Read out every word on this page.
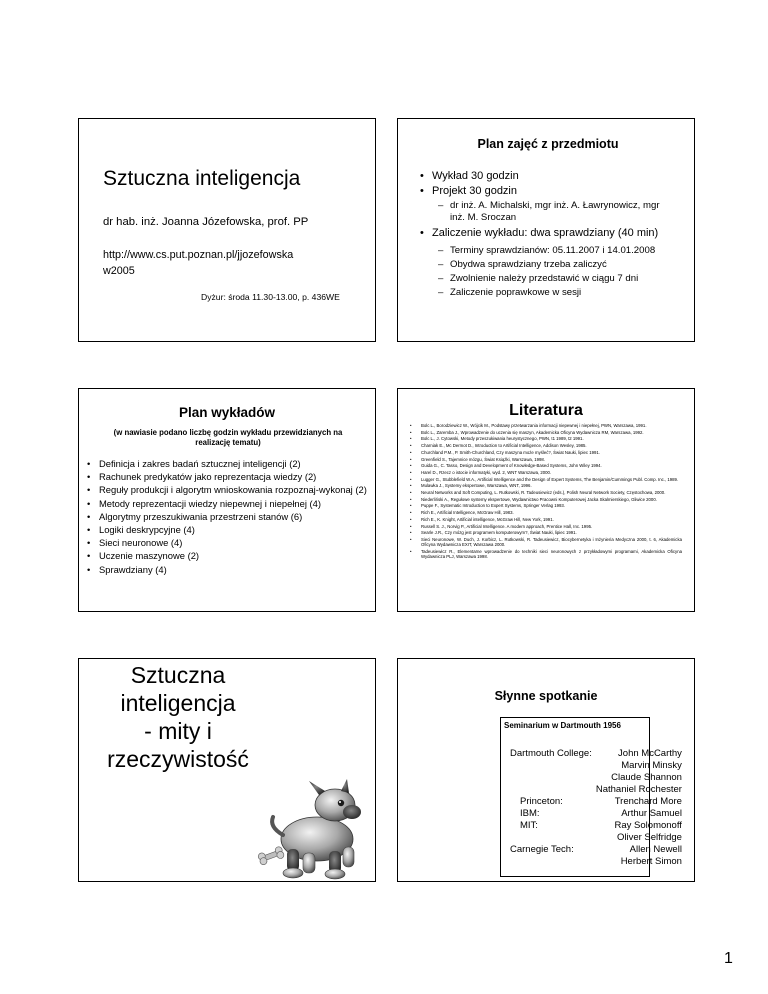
Sztuczna inteligencja
dr hab. inż. Joanna Józefowska, prof. PP
http://www.cs.put.poznan.pl/jjozefowska
w2005
Dyżur: środa 11.30-13.00, p. 436WE
Plan zajęć z przedmiotu
• Wykład 30 godzin
• Projekt 30 godzin
– dr inż. A. Michalski, mgr inż. A. Ławrynowicz, mgr inż. M. Sroczan
• Zaliczenie wykładu: dwa sprawdziany (40 min)
– Terminy sprawdzianów: 05.11.2007 i 14.01.2008
– Obydwa sprawdziany trzeba zaliczyć
– Zwolnienie należy przedstawić w ciągu 7 dni
– Zaliczenie poprawkowe w sesji
Plan wykładów
(w nawiasie podano liczbę godzin wykładu przewidzianych na realizację tematu)
• Definicja i zakres badań sztucznej inteligencji (2)
• Rachunek predykatów jako reprezentacja wiedzy (2)
• Reguły produkcji i algorytm wnioskowania rozpoznaj-wykonaj (2)
• Metody reprezentacji wiedzy niepewnej i niepełnej (4)
• Algorytmy przeszukiwania przestrzeni stanów (6)
• Logiki deskrypcyjne (4)
• Sieci neuronowe (4)
• Uczenie maszynowe (2)
• Sprawdziany (4)
Literatura
•	Bolc L., Borodziewicz W., Wójcik M., Podstawy przetwarzania informacji niepewnej i niepełnej, PWN, Warszawa, 1991.
•	Bolc L., Zaremba J., Wprowadzenie do uczenia się maszyn, Akademicka Oficyna Wydawnicza RM, Warszawa, 1992.
•	Bolc L., J. Cytowski, Metody przeszukiwania heurystycznego, PWN, t1 1989, t2 1991.
•	Charniak E., Mc Dermot D., Introduction to Artificial Intelligence, Addison Wesley, 1985.
•	Churchland P.M., P. Smith-Churchland, Czy maszyna może myśleć?, Świat Nauki, lipiec 1991.
•	Greenfield S., Tajemnice mózgu, Świat Książki, Warszawa, 1998.
•	Guida G., C. Tasso, Design and Development of Knowledge-Based Systems, John Wiley 1994.
•	Harel D., Rzecz o istocie informatyki, wyd. 2, WNT Warszawa, 2000.
•	Lugger G., Stubblefield W.A., Artificial Intelligence and the Design of Expert Systems, The Benjamin/Cummings Publ. Comp. Inc., 1989.
•	Mulawka J., Systemy ekspertowe, Warszawa, WNT, 1996.
•	Neural Networks and Soft Computing, L. Rutkowski, R. Tadeusiewicz (eds.), Polish Neural Network Society, Częstochowa, 2000.
•	Niederliński A., Regułowe systemy ekspertowe, Wydawnictwo Pracowni Komputerowej Jacka Skalmierskiego, Gliwice 2000.
•	Puppe F., Systematic Introduction to Expert Systems, Springer Verlag 1993.
•	Rich E., Artificial Intelligence, McGraw Hill, 1983.
•	Rich E., K. Knight, Artificial intelligence, McGraw Hill, New York, 1991.
•	Russell S. J., Norvig P., Artificial Intelligence. A modern approach, Prentice Hall, Inc. 1995.
•	Searle J.R., Czy mózg jest programem komputerowym?, Świat Nauki, lipiec 1991.
•	Sieci Neuronowe, W. Duch, J. Korbicz, L. Rutkowski, R. Tadeusiewicz, Biocybernetyka i Inżynieria Medyczna 2000, t. 6, Akademicka Oficyna Wydawnicza EXIT, Warszawa 2000.
•	Tadeusiewicz R., Elementarne wprowadzenie do techniki sieci neuronowych z przykładowymi programami, Akademicka Oficyna Wydawnicza PLJ, Warszawa 1998.
Sztuczna
inteligencja
- mity i
rzeczywistość
Słynne spotkanie
Seminarium w Dartmouth 1956
Dartmouth College:	John McCarthy
	Marvin Minsky
	Claude Shannon
	Nathaniel Rochester
Princeton:	Trenchard More
IBM:	Arthur Samuel
MIT:	Ray Solomonoff
	Oliver Selfridge
Carnegie Tech:	Allen Newell
	Herbert Simon
1
